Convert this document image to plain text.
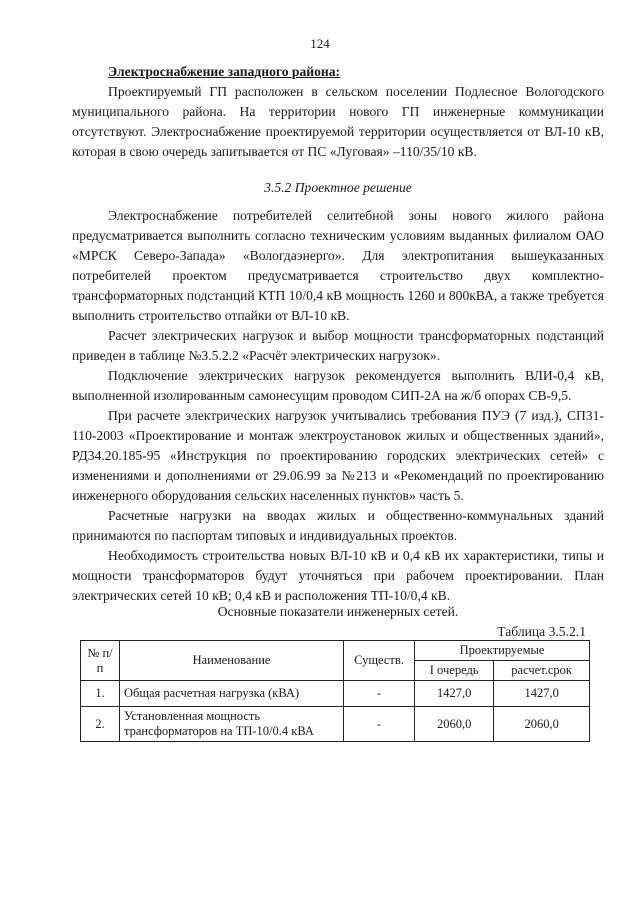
124

Электроснабжение западного района:

Проектируемый ГП расположен в сельском поселении Подлесное Вологодского муниципального района. На территории нового ГП инженерные коммуникации отсутствуют. Электроснабжение проектируемой территории осуществляется от ВЛ-10 кВ, которая в свою очередь запитывается от ПС «Луговая» –110/35/10 кВ.

3.5.2 Проектное решение

Электроснабжение потребителей селитебной зоны нового жилого района предусматривается выполнить согласно техническим условиям выданных филиалом ОАО «МРСК Северо-Запада» «Вологдаэнерго». Для электропитания вышеуказанных потребителей проектом предусматривается строительство двух комплектно-трансформаторных подстанций КТП 10/0,4 кВ мощность 1260 и 800кВА, а также требуется выполнить строительство отпайки от ВЛ-10 кВ.

Расчет электрических нагрузок и выбор мощности трансформаторных подстанций приведен в таблице №3.5.2.2 «Расчёт электрических нагрузок».

Подключение электрических нагрузок рекомендуется выполнить ВЛИ-0,4 кВ, выполненной изолированным самонесущим проводом СИП-2А на ж/б опорах СВ-9,5.

При расчете электрических нагрузок учитывались требования ПУЭ (7 изд.), СП31-110-2003 «Проектирование и монтаж электроустановок жилых и общественных зданий», РД34.20.185-95 «Инструкция по проектированию городских электрических сетей» с изменениями и дополнениями от 29.06.99 за №213 и «Рекомендаций по проектированию инженерного оборудования сельских населенных пунктов» часть 5.

Расчетные нагрузки на вводах жилых и общественно-коммунальных зданий принимаются по паспортам типовых и индивидуальных проектов.

Необходимость строительства новых ВЛ-10 кВ и 0,4 кВ их характеристики, типы и мощности трансформаторов будут уточняться при рабочем проектировании. План электрических сетей 10 кВ; 0,4 кВ и расположения ТП-10/0,4 кВ.

Основные показатели инженерных сетей.

Таблица 3.5.2.1

№ п/п	Наименование	Существ.	Проектируемые	
			I очередь	расчет.срок
1.	Общая расчетная нагрузка (кВА)	-	1427,0	1427,0
2.	Установленная мощность трансформаторов на ТП-10/0.4 кВА	-	2060,0	2060,0
